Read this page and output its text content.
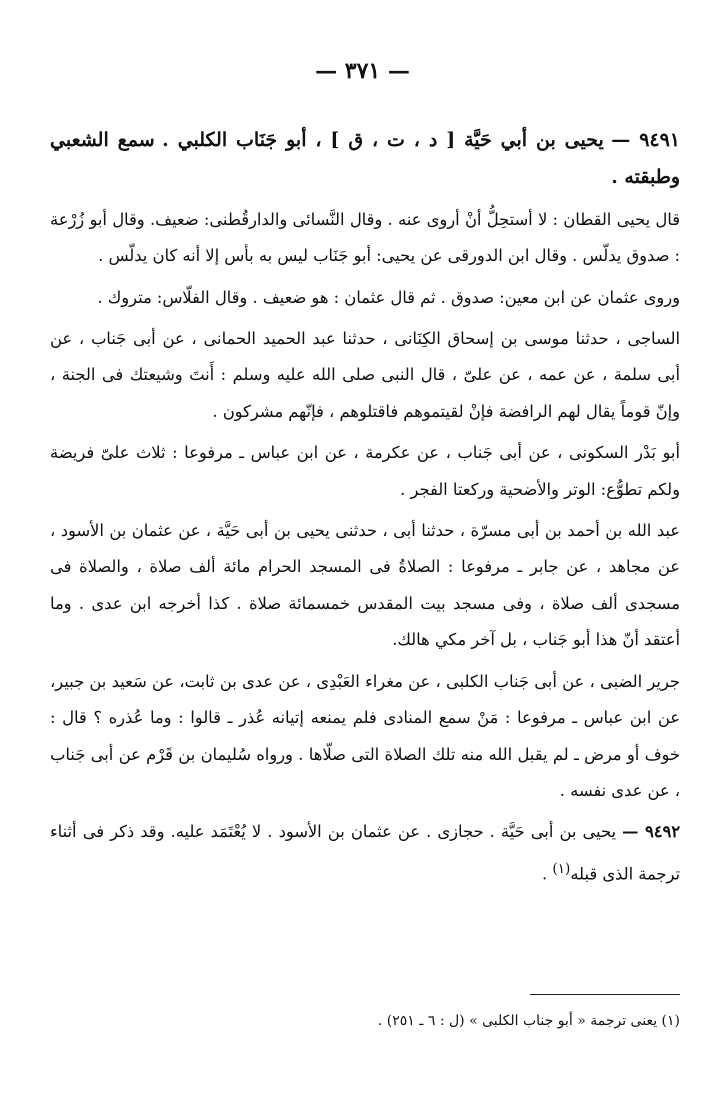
— ٣٧١ —

٩٤٩١ — يحيى بن أبي حَيَّة [ د ، ت ، ق ] ، أبو جَنَاب الكلبي . سمع الشعبي وطبقته .

قال يحيى القطان : لا أستحِلُّ أنْ أروى عنه . وقال النَّسائى والدارقُطنى: ضعيف. وقال أبو زُرْعة : صدوق يدلّس . وقال ابن الدورقى عن يحيى: أبو جَنَاب ليس به بأس إلا أنه كان يدلّس .

وروى عثمان عن ابن معين: صدوق . ثم قال عثمان : هو ضعيف . وقال الفلّاس: متروك .

الساجى ، حدثنا موسى بن إسحاق الكِنَانى ، حدثنا عبد الحميد الحمانى ، عن أبى جَناب ، عن أبى سلمة ، عن عمه ، عن علىّ ، قال النبى صلى الله عليه وسلم : أَنتَ وشيعتك فى الجنة ، وإنّ قوماً يقال لهم الرافضة فإنْ لقيتموهم فاقتلوهم ، فإنّهم مشركون .

أبو بَدْر السكونى ، عن أبى جَناب ، عن عكرمة ، عن ابن عباس ـ مرفوعا : ثلاث علىّ فريضة ولكم تطوُّع: الوتر والأضحية وركعتا الفجر .

عبد الله بن أحمد بن أبى مسرّة ، حدثنا أبى ، حدثنى يحيى بن أبى حَيَّة ، عن عثمان بن الأسود ، عن مجاهد ، عن جابر ـ مرفوعا : الصلاةُ فى المسجد الحرام مائة ألف صلاة ، والصلاة فى مسجدى ألف صلاة ، وفى مسجد بيت المقدس خمسمائة صلاة . كذا أخرجه ابن عدى . وما أعتقد أنّ هذا أبو جَناب ، بل آخر مكي هالك.

جرير الضبى ، عن أبى جَناب الكلبى ، عن مغراء العَبْدِى ، عن عدى بن ثابت، عن سَعيد بن جبير، عن ابن عباس ـ مرفوعا : مَنْ سمع المنادى فلم يمنعه إتيانه عُذر ـ قالوا : وما عُذره ؟ قال : خوف أو مرض ـ لم يقبل الله منه تلك الصلاة التى صلّاها . ورواه سُليمان بن قَرْم عن أبى جَناب ، عن عدى نفسه .

٩٤٩٢ — يحيى بن أبى حَيَّة . حجازى . عن عثمان بن الأسود . لا يُعْتَمَد عليه. وقد ذكر فى أثناء ترجمة الذى قبله$^{(١)}$ .

(١) يعنى ترجمة « أبو جناب الكلبى » (ل : ٦ ـ ٢٥١) .
